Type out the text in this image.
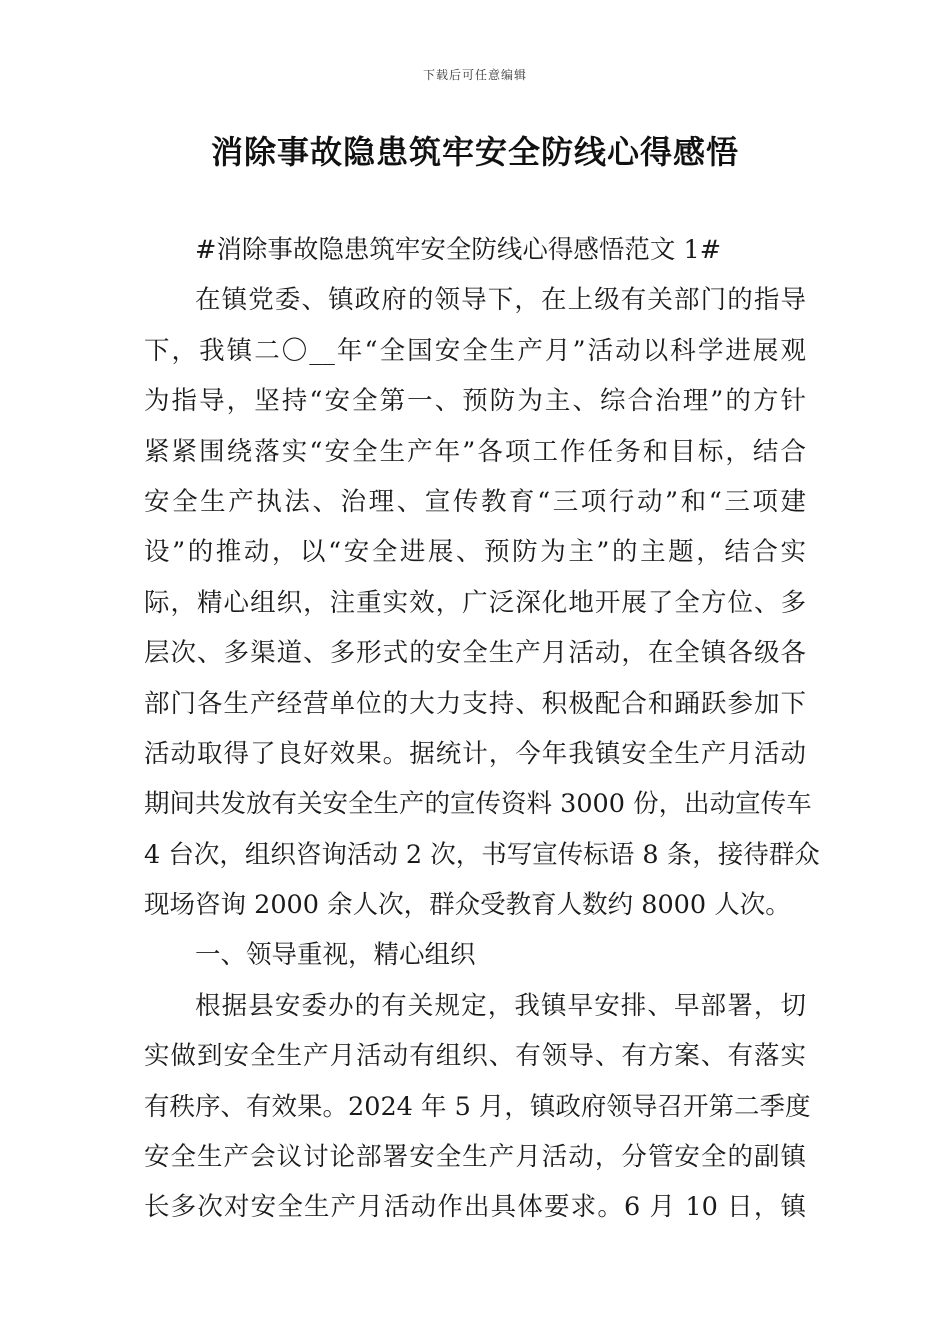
下载后可任意编辑
消除事故隐患筑牢安全防线心得感悟
#消除事故隐患筑牢安全防线心得感悟范文 1#
在镇党委、镇政府的领导下，在上级有关部门的指导
下，我镇二〇__年“全国安全生产月”活动以科学进展观
为指导，坚持“安全第一、预防为主、综合治理”的方针
紧紧围绕落实“安全生产年”各项工作任务和目标，结合
安全生产执法、治理、宣传教育“三项行动”和“三项建
设”的推动，以“安全进展、预防为主”的主题，结合实
际，精心组织，注重实效，广泛深化地开展了全方位、多
层次、多渠道、多形式的安全生产月活动，在全镇各级各
部门各生产经营单位的大力支持、积极配合和踊跃参加下
活动取得了良好效果。据统计，今年我镇安全生产月活动
期间共发放有关安全生产的宣传资料 3000 份，出动宣传车
4 台次，组织咨询活动 2 次，书写宣传标语 8 条，接待群众
现场咨询 2000 余人次，群众受教育人数约 8000 人次。
一、领导重视，精心组织
根据县安委办的有关规定，我镇早安排、早部署，切
实做到安全生产月活动有组织、有领导、有方案、有落实
有秩序、有效果。2024 年 5 月，镇政府领导召开第二季度
安全生产会议讨论部署安全生产月活动，分管安全的副镇
长多次对安全生产月活动作出具体要求。6 月 10 日，镇
